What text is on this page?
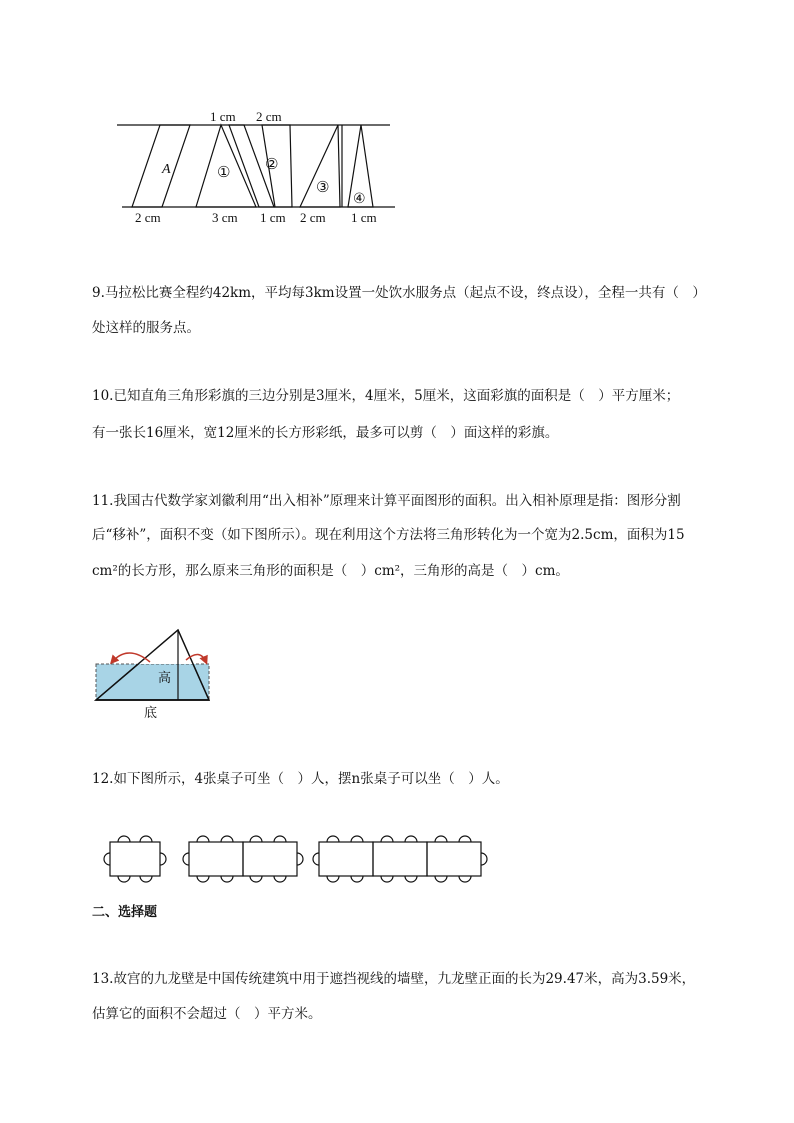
1 cm 2 cm
2 cm	3 cm 1 cm 2 cm 1 cm
A	① ②
③
④
9.马拉松比赛全程约42km，平均每3km设置一处饮水服务点（起点不设，终点设），全程一共有（　）
处这样的服务点。
10.已知直角三角形彩旗的三边分别是3厘米，4厘米，5厘米，这面彩旗的面积是（　）平方厘米；
有一张长16厘米，宽12厘米的长方形彩纸，最多可以剪（　）面这样的彩旗。
11.我国古代数学家刘徽利用“出入相补”原理来计算平面图形的面积。出入相补原理是指：图形分割
后“移补”，面积不变（如下图所示）。现在利用这个方法将三角形转化为一个宽为2.5cm，面积为15
cm²的长方形，那么原来三角形的面积是（　）cm²，三角形的高是（　）cm。
高
底
12.如下图所示，4张桌子可坐（　）人，摆n张桌子可以坐（　）人。
二、选择题
13.故宫的九龙壁是中国传统建筑中用于遮挡视线的墙壁，九龙壁正面的长为29.47米，高为3.59米，
估算它的面积不会超过（　）平方米。
